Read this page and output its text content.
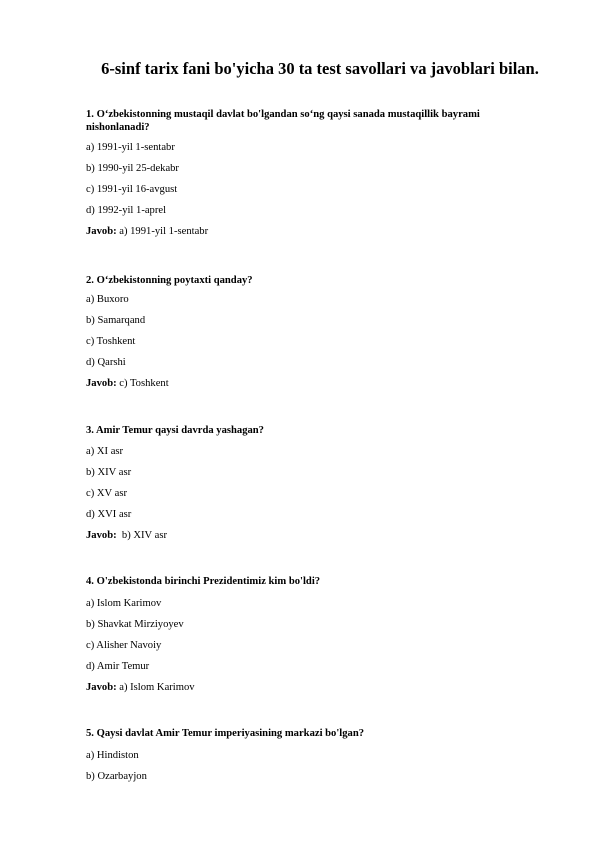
6-sinf tarix fani bo'yicha 30 ta test savollari va javoblari bilan.

1. O‘zbekistonning mustaqil davlat bo'lgandan so‘ng qaysi sanada mustaqillik bayrami nishonlanadi?

a) 1991-yil 1-sentabr

b) 1990-yil 25-dekabr

c) 1991-yil 16-avgust

d) 1992-yil 1-aprel

Javob: a) 1991-yil 1-sentabr

2. O‘zbekistonning poytaxti qanday?

a) Buxoro

b) Samarqand

c) Toshkent

d) Qarshi

Javob: c) Toshkent

3. Amir Temur qaysi davrda yashagan?

a) XI asr

b) XIV asr

c) XV asr

d) XVI asr

Javob:  b) XIV asr

4. O'zbekistonda birinchi Prezidentimiz kim bo'ldi?

a) Islom Karimov

b) Shavkat Mirziyoyev

c) Alisher Navoiy

d) Amir Temur

Javob: a) Islom Karimov

5. Qaysi davlat Amir Temur imperiyasining markazi bo'lgan?

a) Hindiston

b) Ozarbayjon
